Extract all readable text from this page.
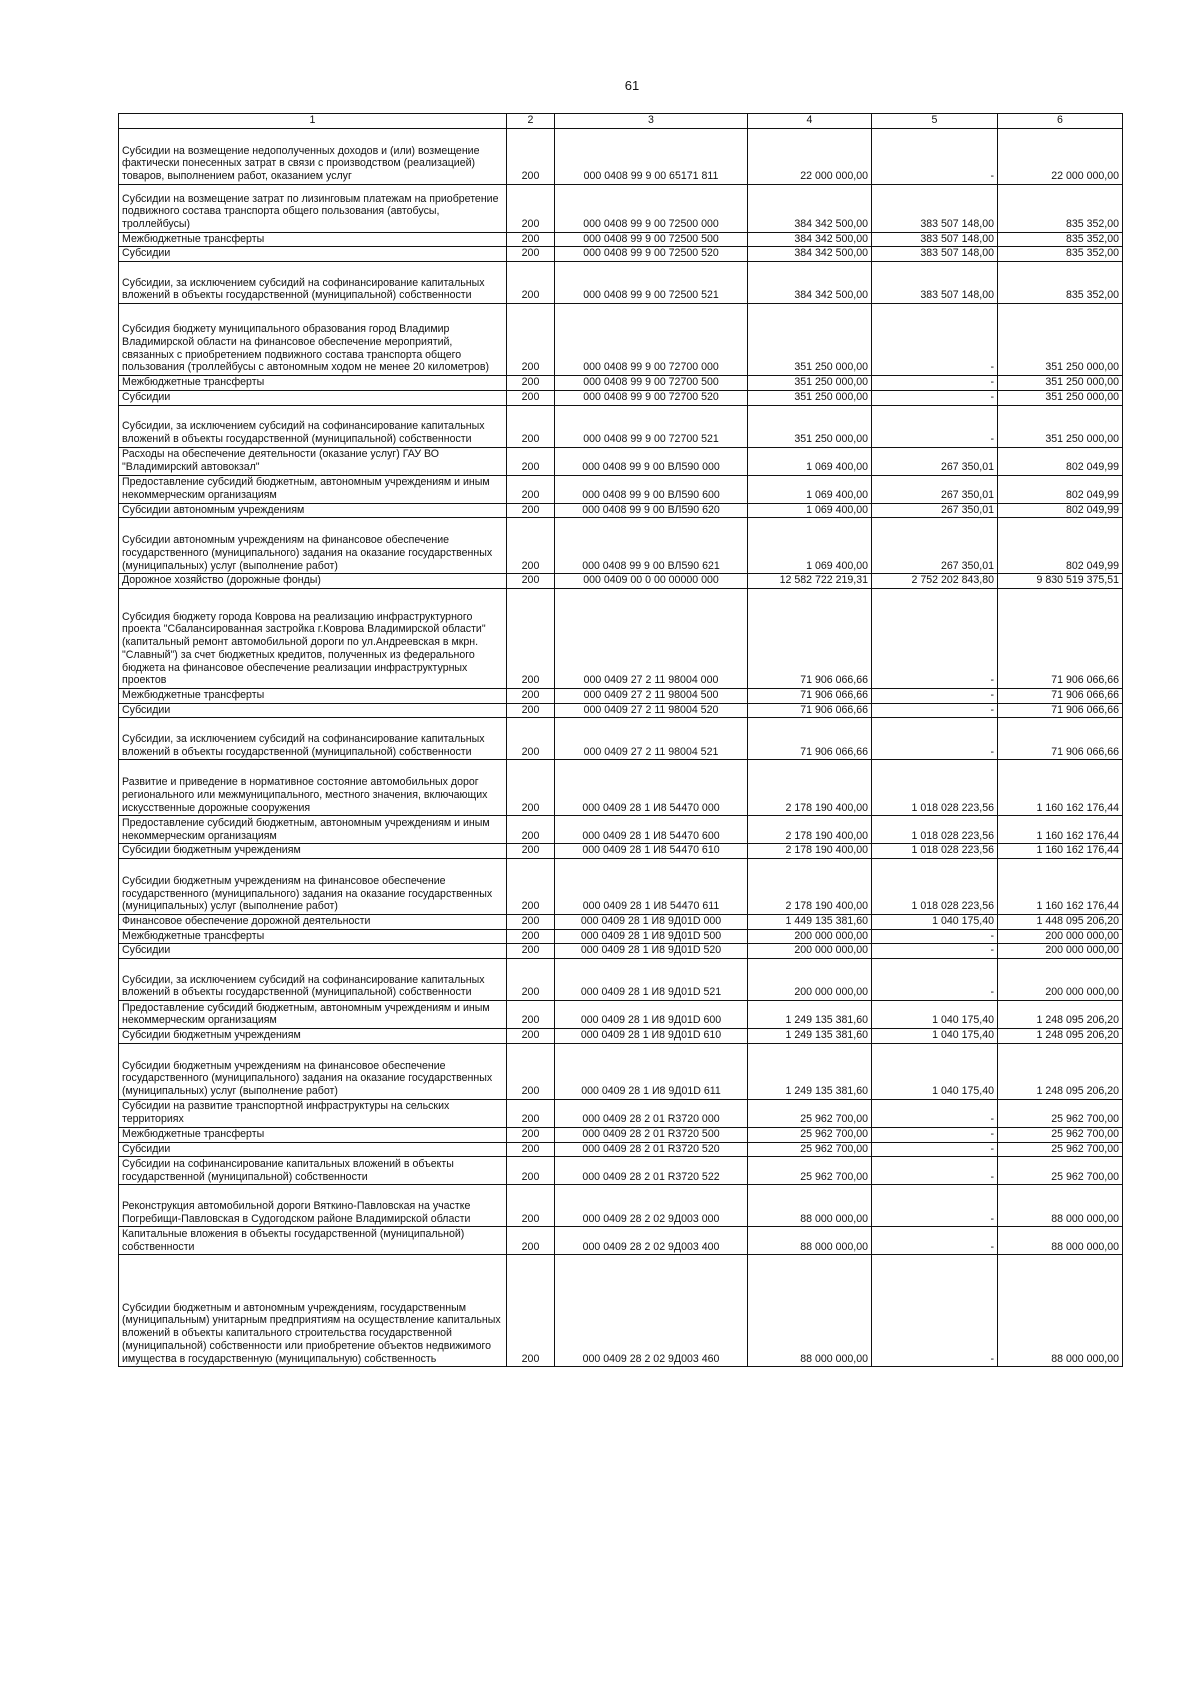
61
1	2	3	4	5	6
Субсидии на возмещение недополученных доходов и (или) возмещение фактически понесенных затрат в связи с производством (реализацией) товаров, выполнением работ, оказанием услуг	200	000 0408 99 9 00 65171 811	22 000 000,00	-	22 000 000,00
Субсидии на возмещение затрат по лизинговым платежам на приобретение подвижного состава транспорта общего пользования (автобусы, троллейбусы)	200	000 0408 99 9 00 72500 000	384 342 500,00	383 507 148,00	835 352,00
Межбюджетные трансферты	200	000 0408 99 9 00 72500 500	384 342 500,00	383 507 148,00	835 352,00
Субсидии	200	000 0408 99 9 00 72500 520	384 342 500,00	383 507 148,00	835 352,00
Субсидии, за исключением субсидий на софинансирование капитальных вложений в объекты государственной (муниципальной) собственности	200	000 0408 99 9 00 72500 521	384 342 500,00	383 507 148,00	835 352,00
Субсидия бюджету муниципального образования город Владимир Владимирской области на финансовое обеспечение мероприятий, связанных с приобретением подвижного состава транспорта общего пользования (троллейбусы с автономным ходом не менее 20 километров)	200	000 0408 99 9 00 72700 000	351 250 000,00	-	351 250 000,00
Межбюджетные трансферты	200	000 0408 99 9 00 72700 500	351 250 000,00	-	351 250 000,00
Субсидии	200	000 0408 99 9 00 72700 520	351 250 000,00	-	351 250 000,00
Субсидии, за исключением субсидий на софинансирование капитальных вложений в объекты государственной (муниципальной) собственности	200	000 0408 99 9 00 72700 521	351 250 000,00	-	351 250 000,00
Расходы на обеспечение деятельности (оказание услуг) ГАУ ВО "Владимирский автовокзал"	200	000 0408 99 9 00 ВЛ590 000	1 069 400,00	267 350,01	802 049,99
Предоставление субсидий бюджетным, автономным учреждениям и иным некоммерческим организациям	200	000 0408 99 9 00 ВЛ590 600	1 069 400,00	267 350,01	802 049,99
Субсидии автономным учреждениям	200	000 0408 99 9 00 ВЛ590 620	1 069 400,00	267 350,01	802 049,99
Субсидии автономным учреждениям на финансовое обеспечение государственного (муниципального) задания на оказание государственных (муниципальных) услуг (выполнение работ)	200	000 0408 99 9 00 ВЛ590 621	1 069 400,00	267 350,01	802 049,99
Дорожное хозяйство (дорожные фонды)	200	000 0409 00 0 00 00000 000	12 582 722 219,31	2 752 202 843,80	9 830 519 375,51
Субсидия бюджету города Коврова на реализацию инфраструктурного проекта "Сбалансированная застройка г.Коврова Владимирской области" (капитальный ремонт автомобильной дороги по ул.Андреевская в мкрн. "Славный") за счет бюджетных кредитов, полученных из федерального бюджета на финансовое обеспечение реализации инфраструктурных проектов	200	000 0409 27 2 11 98004 000	71 906 066,66	-	71 906 066,66
Межбюджетные трансферты	200	000 0409 27 2 11 98004 500	71 906 066,66	-	71 906 066,66
Субсидии	200	000 0409 27 2 11 98004 520	71 906 066,66	-	71 906 066,66
Субсидии, за исключением субсидий на софинансирование капитальных вложений в объекты государственной (муниципальной) собственности	200	000 0409 27 2 11 98004 521	71 906 066,66	-	71 906 066,66
Развитие и приведение в нормативное состояние автомобильных дорог регионального или межмуниципального, местного значения, включающих искусственные дорожные сооружения	200	000 0409 28 1 И8 54470 000	2 178 190 400,00	1 018 028 223,56	1 160 162 176,44
Предоставление субсидий бюджетным, автономным учреждениям и иным некоммерческим организациям	200	000 0409 28 1 И8 54470 600	2 178 190 400,00	1 018 028 223,56	1 160 162 176,44
Субсидии бюджетным учреждениям	200	000 0409 28 1 И8 54470 610	2 178 190 400,00	1 018 028 223,56	1 160 162 176,44
Субсидии бюджетным учреждениям на финансовое обеспечение государственного (муниципального) задания на оказание государственных (муниципальных) услуг (выполнение работ)	200	000 0409 28 1 И8 54470 611	2 178 190 400,00	1 018 028 223,56	1 160 162 176,44
Финансовое обеспечение дорожной деятельности	200	000 0409 28 1 И8 9Д01D 000	1 449 135 381,60	1 040 175,40	1 448 095 206,20
Межбюджетные трансферты	200	000 0409 28 1 И8 9Д01D 500	200 000 000,00	-	200 000 000,00
Субсидии	200	000 0409 28 1 И8 9Д01D 520	200 000 000,00	-	200 000 000,00
Субсидии, за исключением субсидий на софинансирование капитальных вложений в объекты государственной (муниципальной) собственности	200	000 0409 28 1 И8 9Д01D 521	200 000 000,00	-	200 000 000,00
Предоставление субсидий бюджетным, автономным учреждениям и иным некоммерческим организациям	200	000 0409 28 1 И8 9Д01D 600	1 249 135 381,60	1 040 175,40	1 248 095 206,20
Субсидии бюджетным учреждениям	200	000 0409 28 1 И8 9Д01D 610	1 249 135 381,60	1 040 175,40	1 248 095 206,20
Субсидии бюджетным учреждениям на финансовое обеспечение государственного (муниципального) задания на оказание государственных (муниципальных) услуг (выполнение работ)	200	000 0409 28 1 И8 9Д01D 611	1 249 135 381,60	1 040 175,40	1 248 095 206,20
Субсидии на развитие транспортной инфраструктуры на сельских территориях	200	000 0409 28 2 01 R3720 000	25 962 700,00	-	25 962 700,00
Межбюджетные трансферты	200	000 0409 28 2 01 R3720 500	25 962 700,00	-	25 962 700,00
Субсидии	200	000 0409 28 2 01 R3720 520	25 962 700,00	-	25 962 700,00
Субсидии на софинансирование капитальных вложений в объекты государственной (муниципальной) собственности	200	000 0409 28 2 01 R3720 522	25 962 700,00	-	25 962 700,00
Реконструкция автомобильной дороги Вяткино-Павловская на участке Погребищи-Павловская в Судогодском районе Владимирской области	200	000 0409 28 2 02 9Д003 000	88 000 000,00	-	88 000 000,00
Капитальные вложения в объекты государственной (муниципальной) собственности	200	000 0409 28 2 02 9Д003 400	88 000 000,00	-	88 000 000,00
Субсидии бюджетным и автономным учреждениям, государственным (муниципальным) унитарным предприятиям на осуществление капитальных вложений в объекты капитального строительства государственной (муниципальной) собственности или приобретение объектов недвижимого имущества в государственную (муниципальную) собственность	200	000 0409 28 2 02 9Д003 460	88 000 000,00	-	88 000 000,00
